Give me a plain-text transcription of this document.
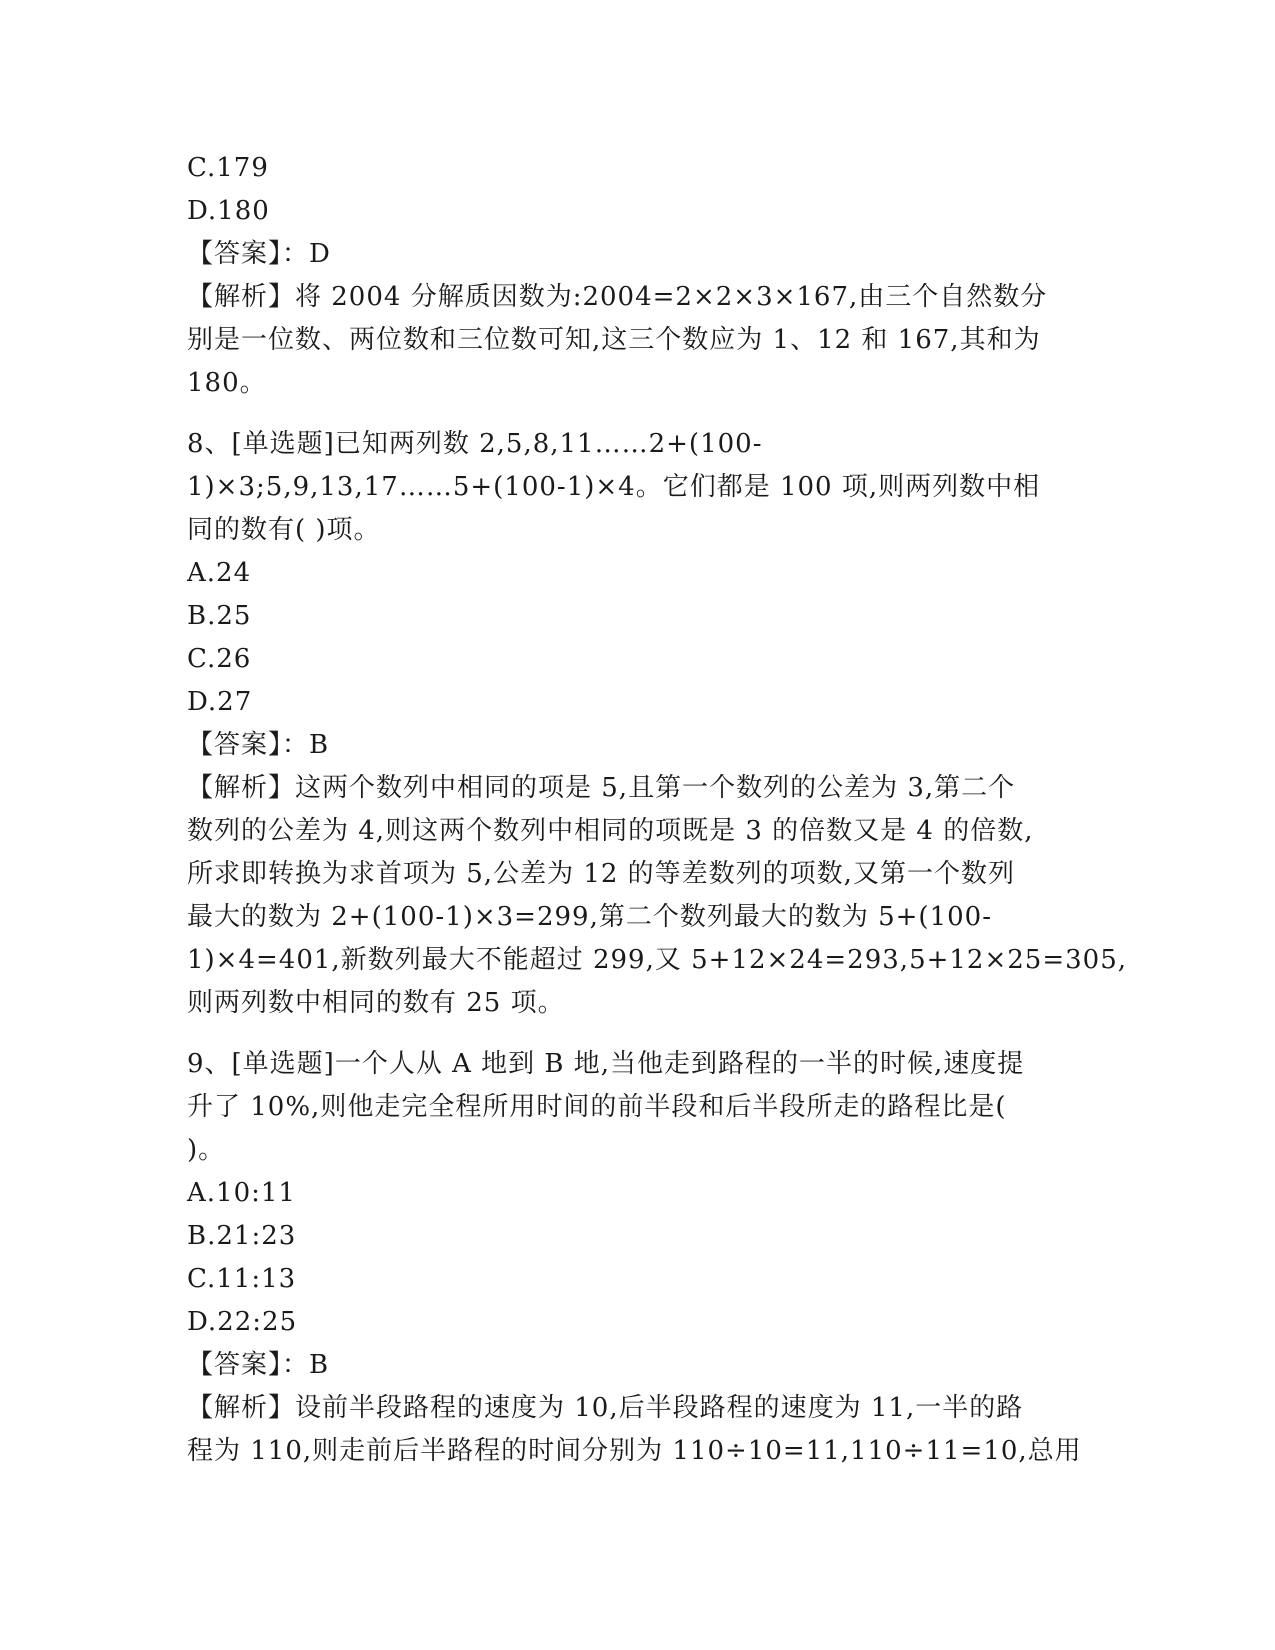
C.179
D.180
【答案】：D
【解析】将 2004 分解质因数为:2004=2×2×3×167,由三个自然数分
别是一位数、两位数和三位数可知,这三个数应为 1、12 和 167,其和为
180。
8、[单选题]已知两列数 2,5,8,11……2+(100-
1)×3;5,9,13,17……5+(100-1)×4。它们都是 100 项,则两列数中相
同的数有( )项。
A.24
B.25
C.26
D.27
【答案】：B
【解析】这两个数列中相同的项是 5,且第一个数列的公差为 3,第二个
数列的公差为 4,则这两个数列中相同的项既是 3 的倍数又是 4 的倍数,
所求即转换为求首项为 5,公差为 12 的等差数列的项数,又第一个数列
最大的数为 2+(100-1)×3=299,第二个数列最大的数为 5+(100-
1)×4=401,新数列最大不能超过 299,又 5+12×24=293,5+12×25=305,
则两列数中相同的数有 25 项。
9、[单选题]一个人从 A 地到 B 地,当他走到路程的一半的时候,速度提
升了 10%,则他走完全程所用时间的前半段和后半段所走的路程比是(
)。
A.10:11
B.21:23
C.11:13
D.22:25
【答案】：B
【解析】设前半段路程的速度为 10,后半段路程的速度为 11,一半的路
程为 110,则走前后半路程的时间分别为 110÷10=11,110÷11=10,总用
